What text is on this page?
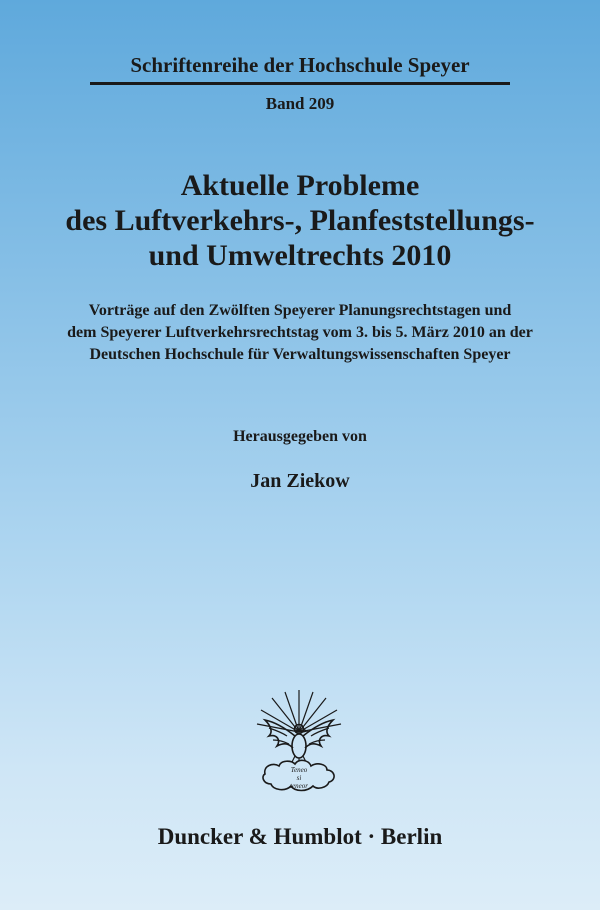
Schriftenreihe der Hochschule Speyer
Band 209
Aktuelle Probleme
des Luftverkehrs-, Planfeststellungs-
und Umweltrechts 2010
Vorträge auf den Zwölften Speyerer Planungsrechtstagen und
dem Speyerer Luftverkehrsrechtstag vom 3. bis 5. März 2010 an der
Deutschen Hochschule für Verwaltungswissenschaften Speyer
Herausgegeben von
Jan Ziekow
Teneo
si
teneor
Duncker & Humblot · Berlin
